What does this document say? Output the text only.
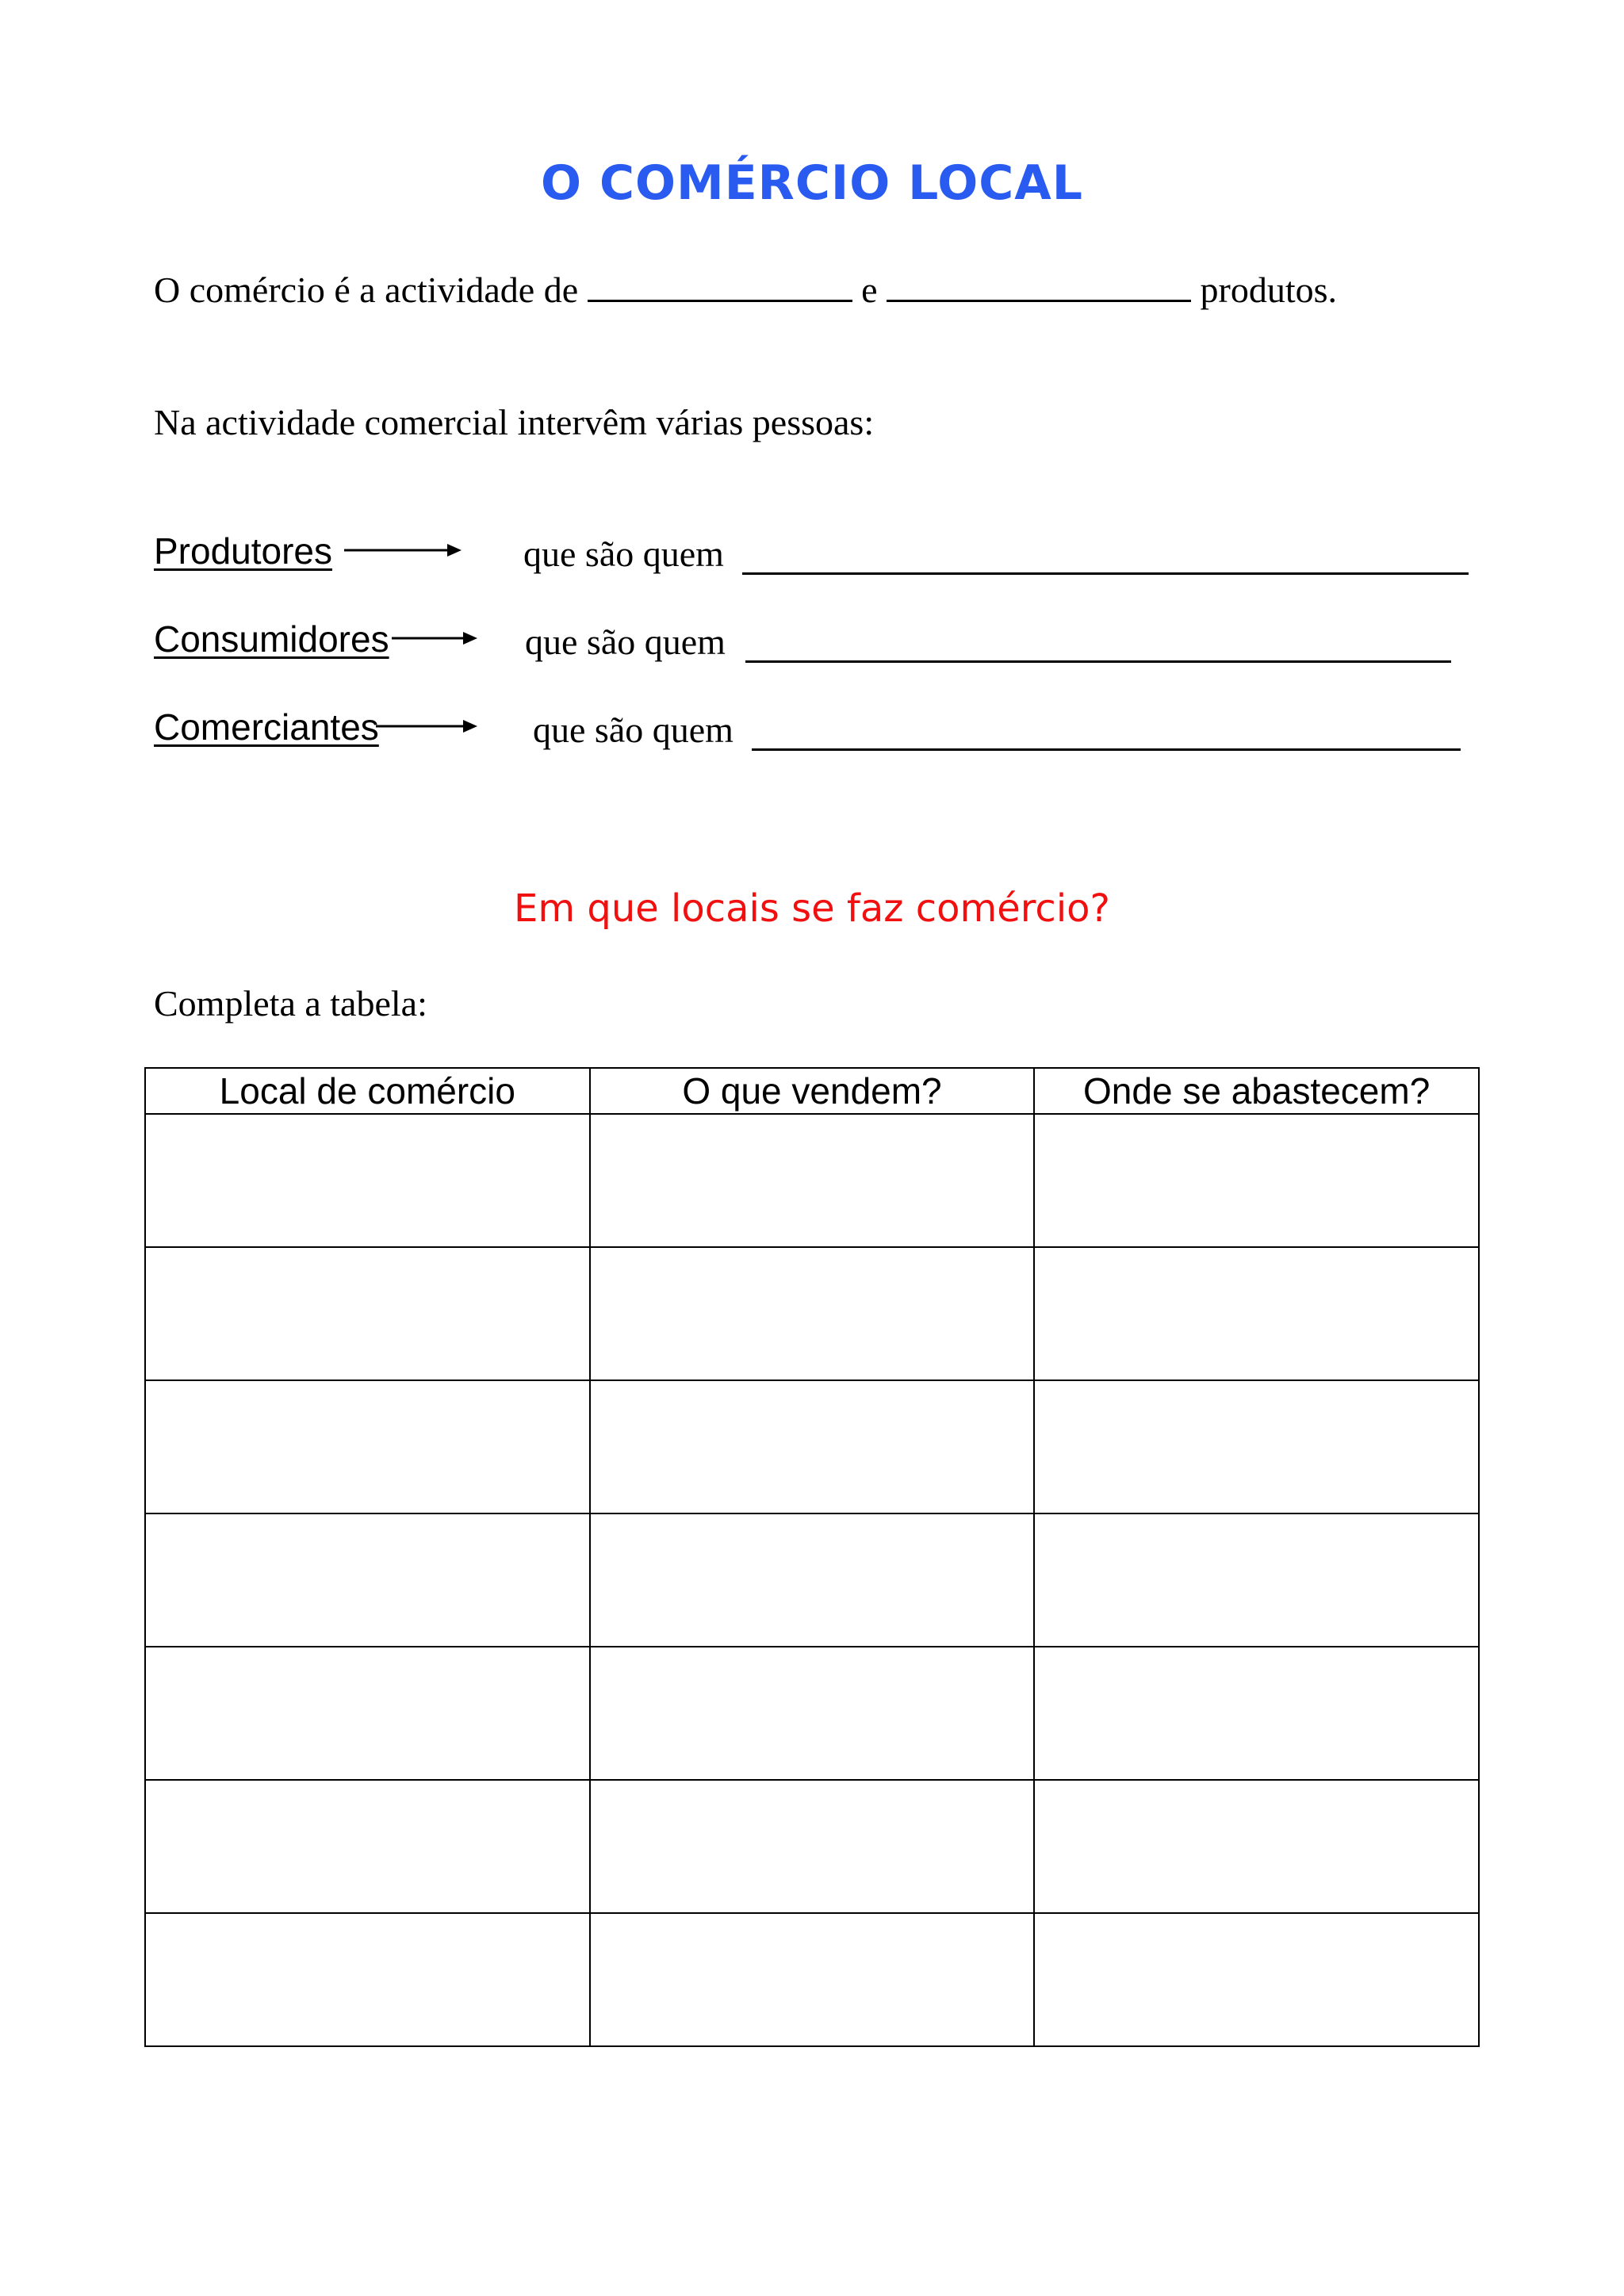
O COMÉRCIO LOCAL
O comércio é a actividade de	e	produtos.
Na actividade comercial intervêm várias pessoas:
Produtores	que são quem
Consumidores	que são quem
Comerciantes	que são quem
Em que locais se faz comércio?
Completa a tabela:
Local de comércio	O que vendem?	Onde se abastecem?
